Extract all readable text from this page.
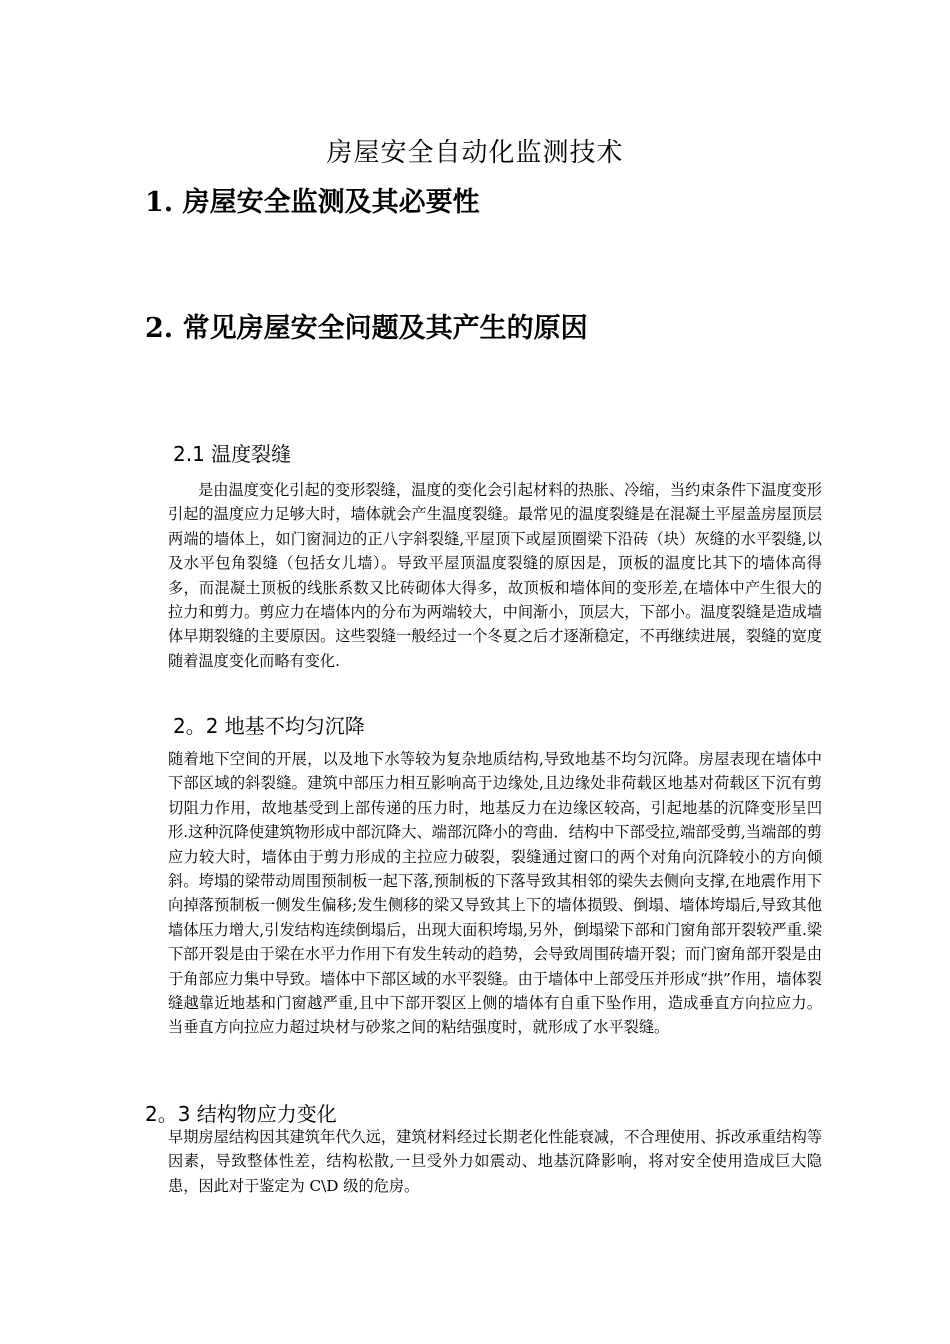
房屋安全自动化监测技术
1. 房屋安全监测及其必要性
2. 常见房屋安全问题及其产生的原因
2.1 温度裂缝
是由温度变化引起的变形裂缝，温度的变化会引起材料的热胀、冷缩，当约束条件下温度变形引起的温度应力足够大时，墙体就会产生温度裂缝。最常见的温度裂缝是在混凝土平屋盖房屋顶层两端的墙体上，如门窗洞边的正八字斜裂缝,平屋顶下或屋顶圈梁下沿砖（块）灰缝的水平裂缝,以及水平包角裂缝（包括女儿墙）。导致平屋顶温度裂缝的原因是，顶板的温度比其下的墙体高得多，而混凝土顶板的线胀系数又比砖砌体大得多，故顶板和墙体间的变形差,在墙体中产生很大的拉力和剪力。剪应力在墙体内的分布为两端较大，中间渐小，顶层大，下部小。温度裂缝是造成墙体早期裂缝的主要原因。这些裂缝一般经过一个冬夏之后才逐渐稳定，不再继续进展，裂缝的宽度随着温度变化而略有变化.
2。2 地基不均匀沉降
随着地下空间的开展，以及地下水等较为复杂地质结构,导致地基不均匀沉降。房屋表现在墙体中下部区域的斜裂缝。建筑中部压力相互影响高于边缘处,且边缘处非荷载区地基对荷载区下沉有剪切阻力作用，故地基受到上部传递的压力时，地基反力在边缘区较高，引起地基的沉降变形呈凹形.这种沉降使建筑物形成中部沉降大、端部沉降小的弯曲．结构中下部受拉,端部受剪,当端部的剪应力较大时，墙体由于剪力形成的主拉应力破裂，裂缝通过窗口的两个对角向沉降较小的方向倾斜。垮塌的梁带动周围预制板一起下落,预制板的下落导致其相邻的梁失去侧向支撑,在地震作用下向掉落预制板一侧发生偏移;发生侧移的梁又导致其上下的墙体损毁、倒塌、墙体垮塌后,导致其他墙体压力增大,引发结构连续倒塌后，出现大面积垮塌,另外，倒塌梁下部和门窗角部开裂较严重.梁下部开裂是由于梁在水平力作用下有发生转动的趋势，会导致周围砖墙开裂；而门窗角部开裂是由于角部应力集中导致。墙体中下部区域的水平裂缝。由于墙体中上部受压并形成“拱”作用，墙体裂缝越靠近地基和门窗越严重,且中下部开裂区上侧的墙体有自重下坠作用，造成垂直方向拉应力。当垂直方向拉应力超过块材与砂浆之间的粘结强度时，就形成了水平裂缝。
2。3 结构物应力变化
早期房屋结构因其建筑年代久远，建筑材料经过长期老化性能衰减，不合理使用、拆改承重结构等因素，导致整体性差，结构松散,一旦受外力如震动、地基沉降影响，将对安全使用造成巨大隐患，因此对于鉴定为 C\D 级的危房。
